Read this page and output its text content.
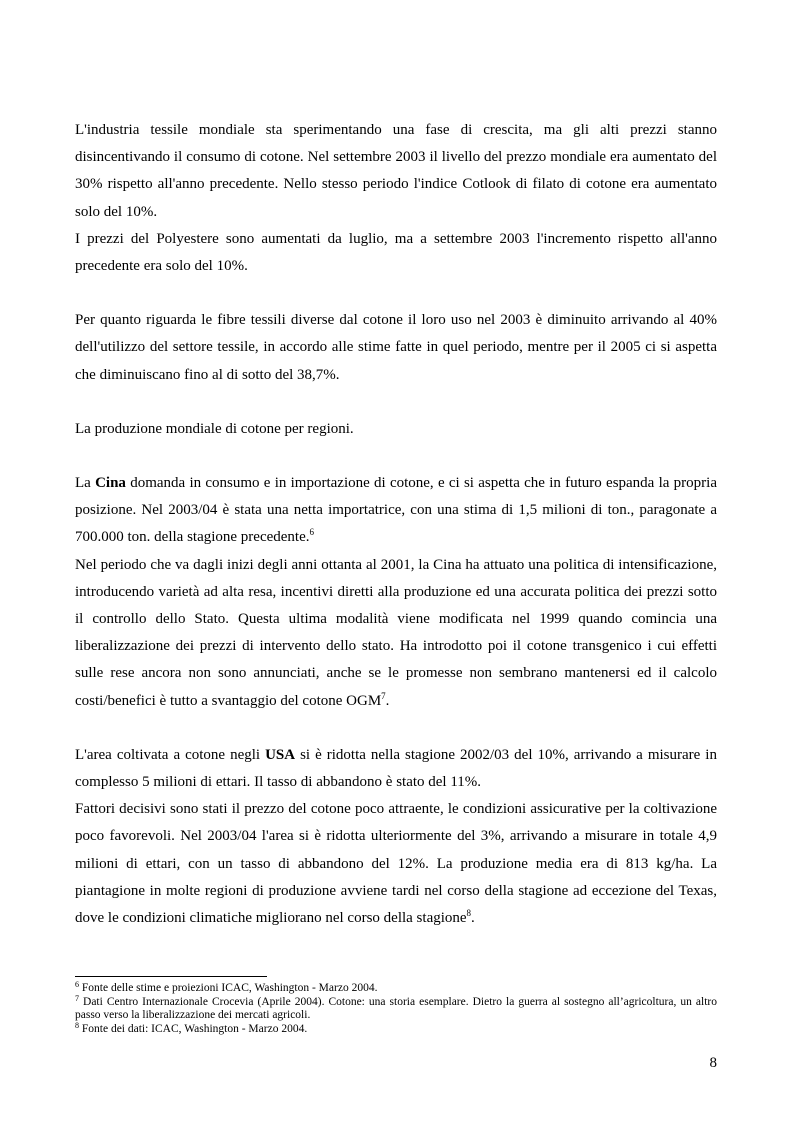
L'industria tessile mondiale sta sperimentando una fase di crescita, ma gli alti prezzi stanno disincentivando il consumo di cotone. Nel settembre 2003 il livello del prezzo mondiale era aumentato del 30% rispetto all'anno precedente. Nello stesso periodo l'indice Cotlook di filato di cotone era aumentato solo del 10%.

I prezzi del Polyestere sono aumentati da luglio, ma a settembre 2003 l'incremento rispetto all'anno precedente era solo del 10%.

Per quanto riguarda le fibre tessili diverse dal cotone il loro uso nel 2003 è diminuito arrivando al 40% dell'utilizzo del settore tessile, in accordo alle stime fatte in quel periodo, mentre per il 2005 ci si aspetta che diminuiscano fino al di sotto del 38,7%.

La produzione mondiale di cotone per regioni.

La Cina domanda in consumo e in importazione di cotone, e ci si aspetta che in futuro espanda la propria posizione. Nel 2003/04 è stata una netta importatrice, con una stima di 1,5 milioni di ton., paragonate a 700.000 ton. della stagione precedente.$^6$

Nel periodo che va dagli inizi degli anni ottanta al 2001, la Cina ha attuato una politica di intensificazione, introducendo varietà ad alta resa, incentivi diretti alla produzione ed una accurata politica dei prezzi sotto il controllo dello Stato. Questa ultima modalità viene modificata nel 1999 quando comincia una liberalizzazione dei prezzi di intervento dello stato. Ha introdotto poi il cotone transgenico i cui effetti sulle rese ancora non sono annunciati, anche se le promesse non sembrano mantenersi ed il calcolo costi/benefici è tutto a svantaggio del cotone OGM$^7$.

L'area coltivata a cotone negli USA si è ridotta nella stagione 2002/03 del 10%, arrivando a misurare in complesso 5 milioni di ettari. Il tasso di abbandono è stato del 11%.

Fattori decisivi sono stati il prezzo del cotone poco attraente, le condizioni assicurative per la coltivazione poco favorevoli. Nel 2003/04 l'area si è ridotta ulteriormente del 3%, arrivando a misurare in totale 4,9 milioni di ettari, con un tasso di abbandono del 12%. La produzione media era di 813 kg/ha. La piantagione in molte regioni di produzione avviene tardi nel corso della stagione ad eccezione del Texas, dove le condizioni climatiche migliorano nel corso della stagione$^8$.

$^6$ Fonte delle stime e proiezioni ICAC, Washington - Marzo 2004.

$^7$ Dati Centro Internazionale Crocevia (Aprile 2004). Cotone: una storia esemplare. Dietro la guerra al sostegno all’agricoltura, un altro passo verso la liberalizzazione dei mercati agricoli.

$^8$ Fonte dei dati: ICAC, Washington - Marzo 2004.

8
